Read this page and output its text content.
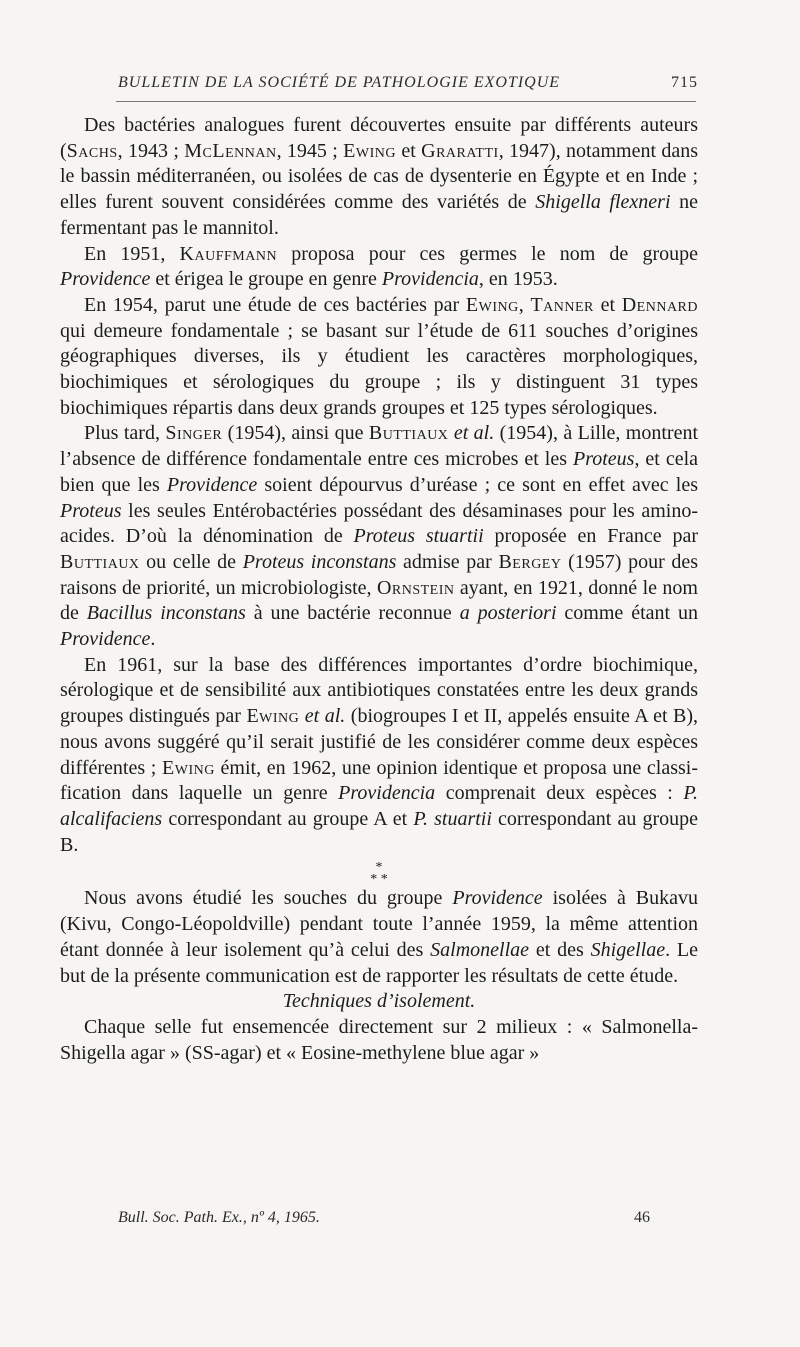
BULLETIN DE LA SOCIÉTÉ DE PATHOLOGIE EXOTIQUE	715

Des bactéries analogues furent découvertes ensuite par différents auteurs (Sachs, 1943 ; McLennan, 1945 ; Ewing et Graratti, 1947), notamment dans le bassin méditerranéen, ou isolées de cas de dysenterie en Égypte et en Inde ; elles furent souvent considérées comme des variétés de Shigella flexneri ne fermentant pas le mannitol.

En 1951, Kauffmann proposa pour ces germes le nom de groupe Providence et érigea le groupe en genre Providencia, en 1953.

En 1954, parut une étude de ces bactéries par Ewing, Tanner et Dennard qui demeure fondamentale ; se basant sur l’étude de 611 souches d’origines géographiques diverses, ils y étudient les caractères morphologiques, biochimiques et sérologiques du groupe ; ils y distinguent 31 types biochimiques répartis dans deux grands groupes et 125 types sérologiques.

Plus tard, Singer (1954), ainsi que Buttiaux et al. (1954), à Lille, montrent l’absence de différence fondamentale entre ces microbes et les Proteus, et cela bien que les Providence soient dépourvus d’uréase ; ce sont en effet avec les Proteus les seules Entérobactéries possédant des désaminases pour les amino-acides. D’où la dénomination de Proteus stuartii proposée en France par Buttiaux ou celle de Proteus inconstans admise par Bergey (1957) pour des raisons de priorité, un microbiologiste, Ornstein ayant, en 1921, donné le nom de Bacillus inconstans à une bactérie reconnue a posteriori comme étant un Providence.

En 1961, sur la base des différences importantes d’ordre biochimique, sérologique et de sensibilité aux antibiotiques constatées entre les deux grands groupes distingués par Ewing et al. (biogroupes I et II, appelés ensuite A et B), nous avons suggéré qu’il serait justifié de les considérer comme deux espèces différentes ; Ewing émit, en 1962, une opinion identique et proposa une classification dans laquelle un genre Providencia comprenait deux espèces : P. alcalifaciens correspondant au groupe A et P. stuartii correspondant au groupe B.

*
* *

Nous avons étudié les souches du groupe Providence isolées à Bukavu (Kivu, Congo-Léopoldville) pendant toute l’année 1959, la même attention étant donnée à leur isolement qu’à celui des Salmonellae et des Shigellae. Le but de la présente communication est de rapporter les résultats de cette étude.

Techniques d’isolement.

Chaque selle fut ensemencée directement sur 2 milieux : « Salmonella-Shigella agar » (SS-agar) et « Eosine-methylene blue agar »

Bull. Soc. Path. Ex., nº 4, 1965.	46
